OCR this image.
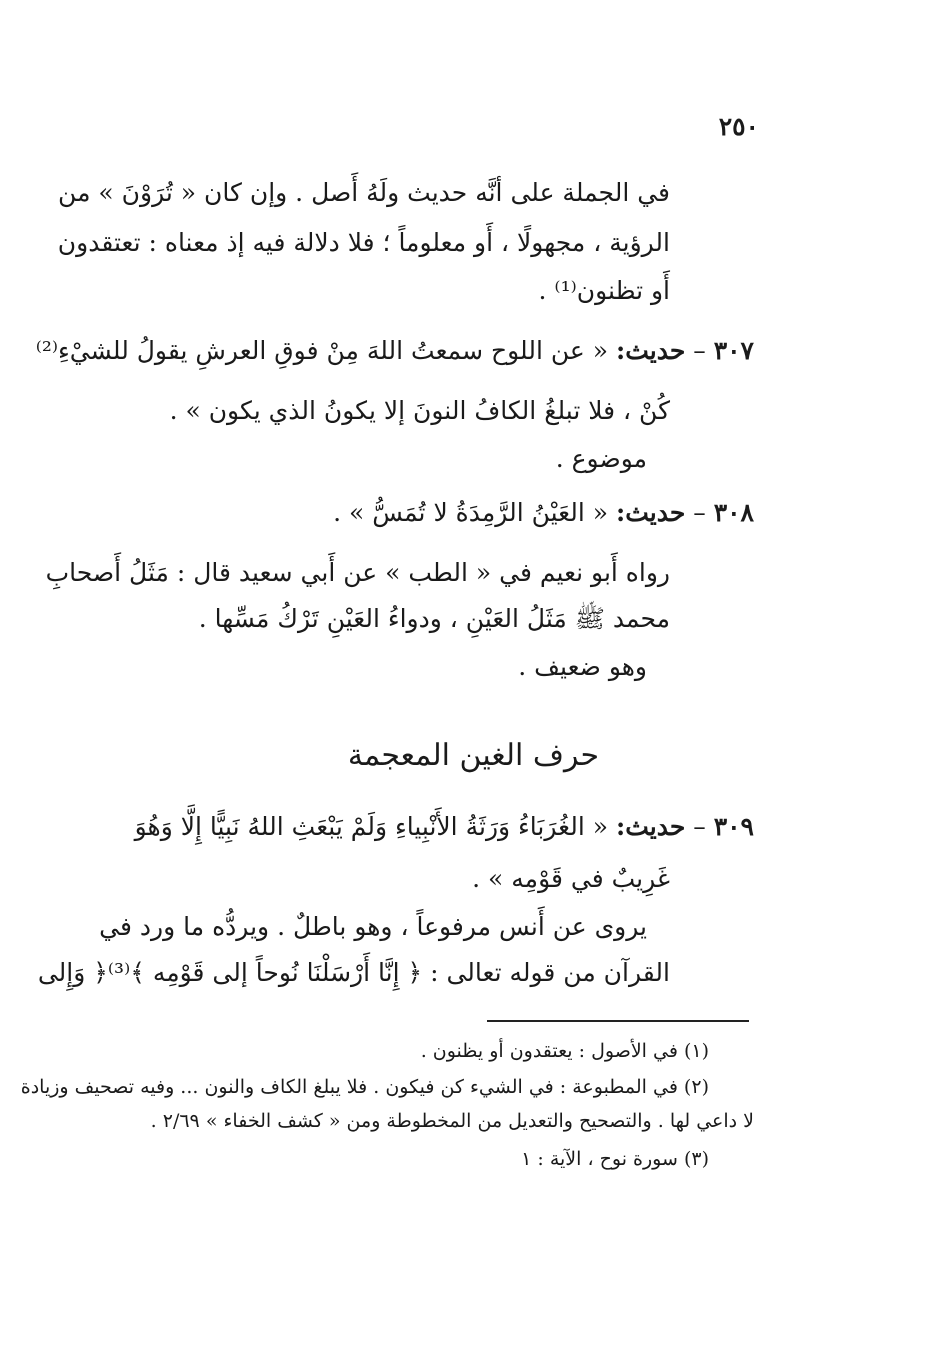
٢٥٠
في الجملة على أنَّه حديث ولَهُ أَصل . وإن كان « تُرَوْنَ » من
الرؤية ، مجهولًا ، أَو معلوماً ؛ فلا دلالة فيه إذ معناه : تعتقدون
أَو تظنون⁽¹⁾ .
٣٠٧ – حديث: « عن اللوح سمعتُ اللهَ مِنْ فوقِ العرشِ يقولُ للشيْءِ⁽²⁾
كُنْ ، فلا تبلغُ الكافُ النونَ إلا يكونُ الذي يكون » .
موضوع .
٣٠٨ – حديث: « العَيْنُ الرَّمِدَةُ لا تُمَسُّ » .
رواه أَبو نعيم في « الطب » عن أَبي سعيد قال : مَثَلُ أَصحابِ
محمد ﷺ مَثَلُ العَيْنِ ، ودواءُ العَيْنِ تَرْكُ مَسِّها .
وهو ضعيف .
حرف الغين المعجمة
٣٠٩ – حديث: « الغُرَبَاءُ وَرَثَةُ الأَنْبِياءِ وَلَمْ يَبْعَثِ اللهُ نَبِيًّا إِلَّا وَهُوَ
غَرِيبٌ في قَوْمِه » .
يروى عن أَنس مرفوعاً ، وهو باطلٌ . ويردُّه ما ورد في
القرآن من قوله تعالى : ﴿ إِنَّا أَرْسَلْنَا نُوحاً إلى قَوْمِه ﴾⁽³⁾﴿ وَإِلى
(١) في الأصول : يعتقدون أو يظنون .
(٢) في المطبوعة : في الشيء كن فيكون . فلا يبلغ الكاف والنون ... وفيه تصحيف وزيادة
لا داعي لها . والتصحيح والتعديل من المخطوطة ومن « كشف الخفاء » ٢/٦٩ .
(٣) سورة نوح ، الآية : ١
